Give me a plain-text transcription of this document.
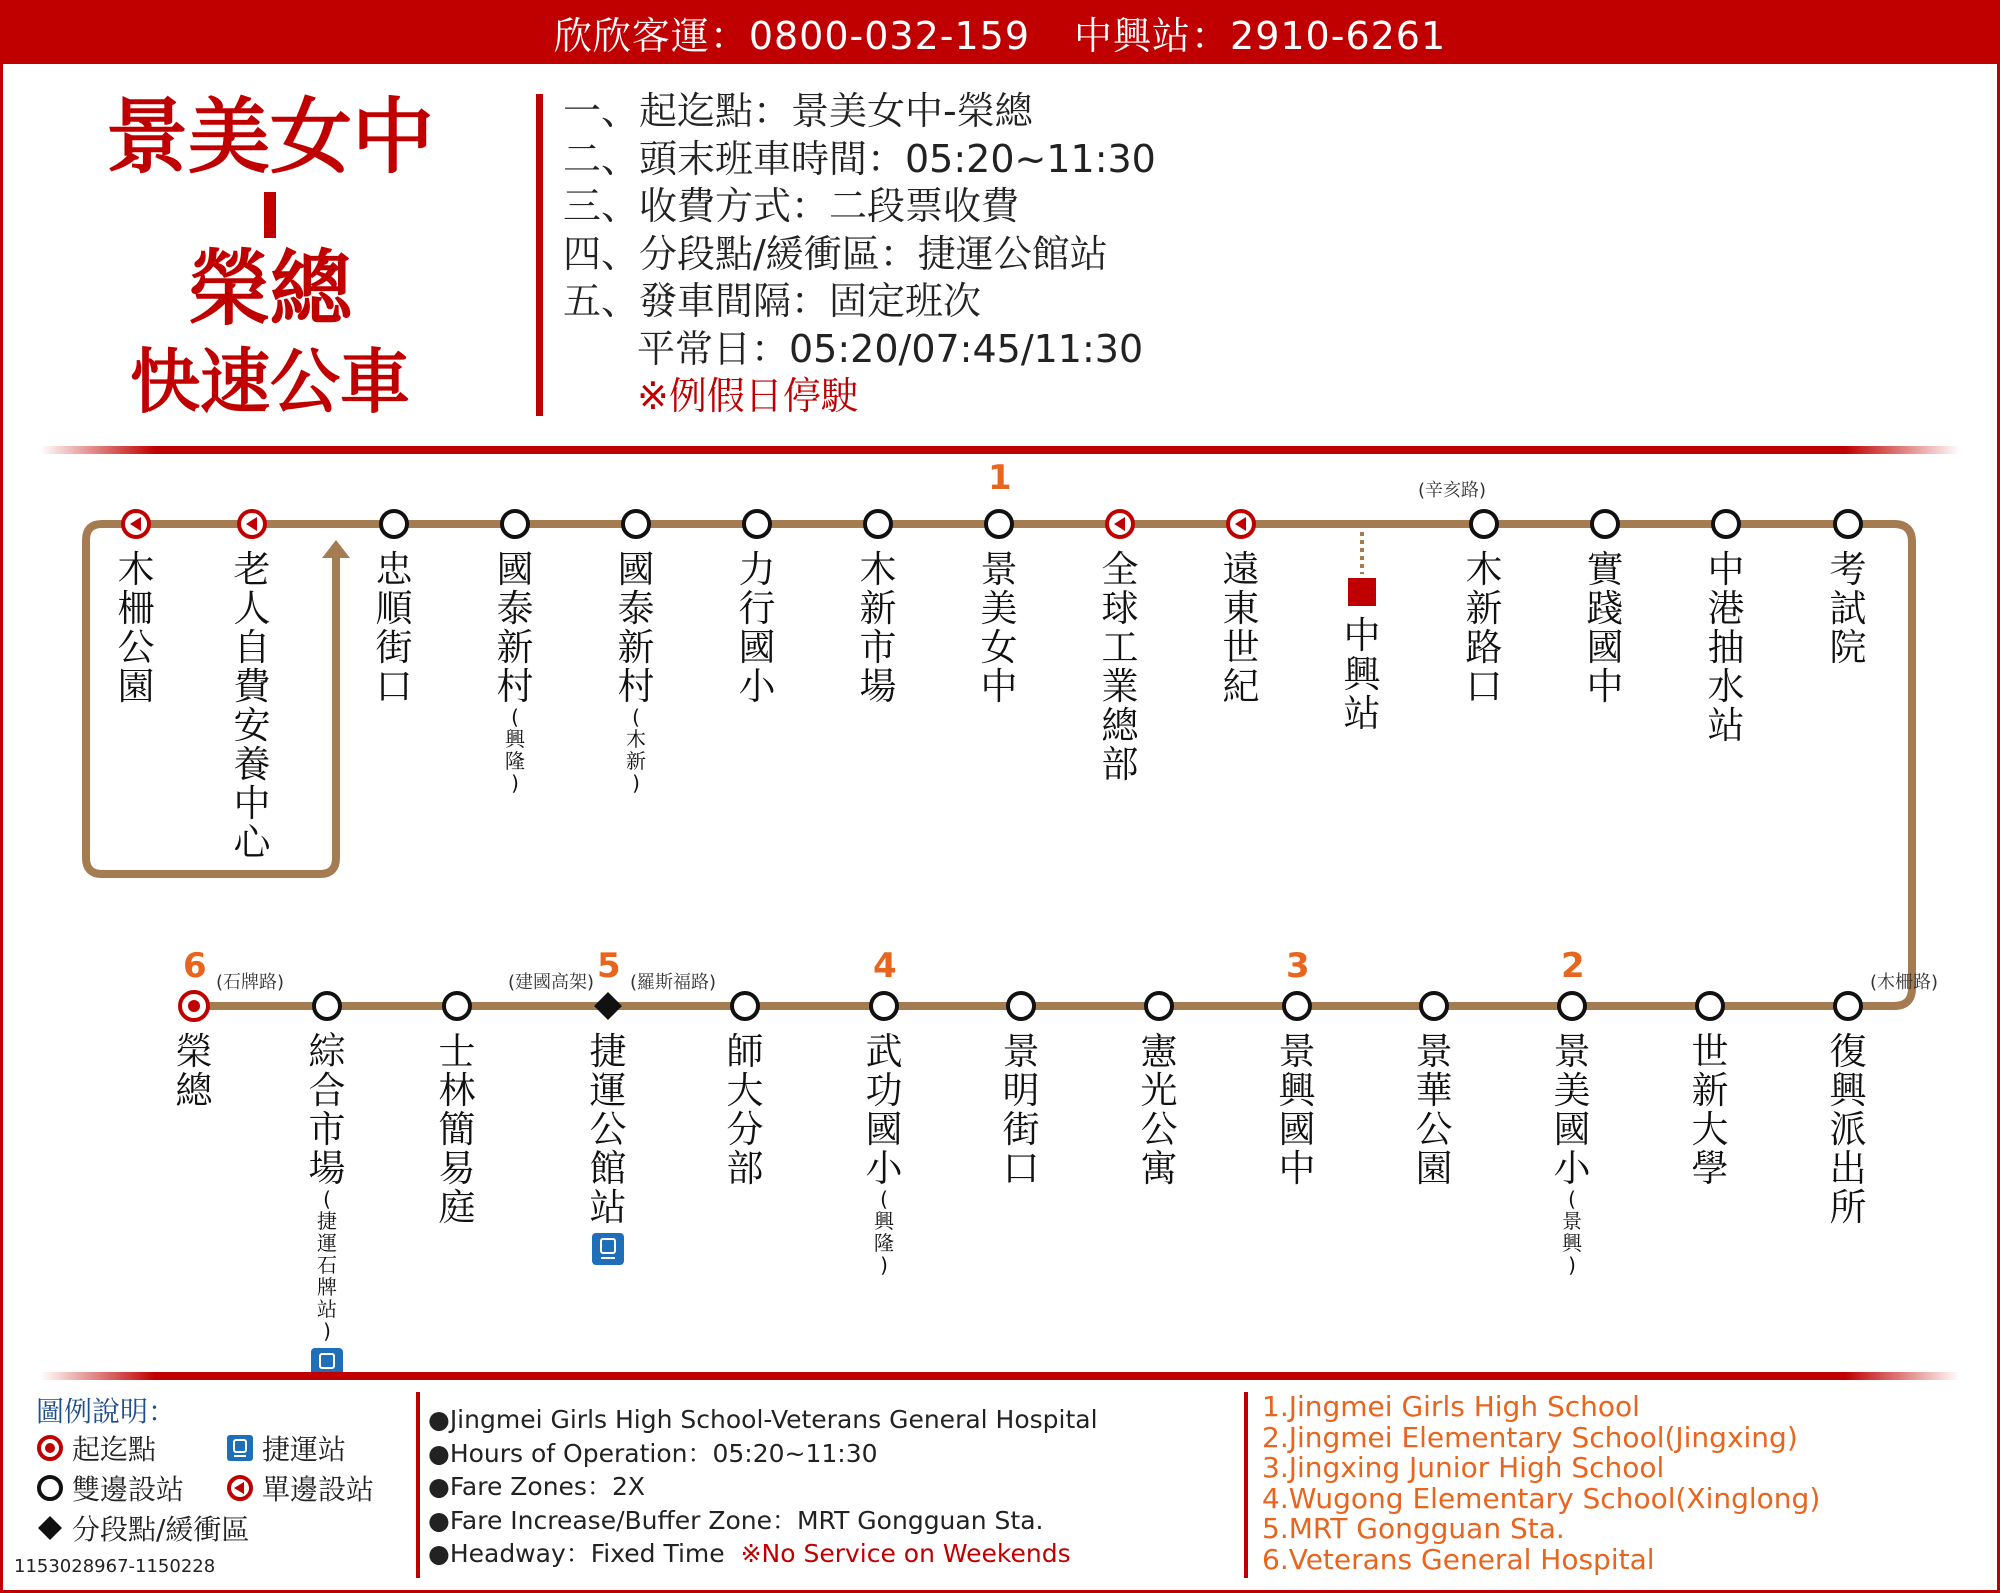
欣欣客運：0800-032-159 中興站：2910-6261
景美女中
榮總
快速公車
一、起迄點：景美女中-榮總
二、頭末班車時間：05:20~11:30
三、收費方式：二段票收費
四、分段點/緩衝區：捷運公館站
五、發車間隔：固定班次
平常日：05:20/07:45/11:30
※例假日停駛
木
柵
公
園
老
人
自
費
安
養
中
心
忠
順
街
口
國
泰
新
村
(
興
隆
)
國
泰
新
村
(
木
新
)
力
行
國
小
木
新
市
場
景
美
女
中
1
全
球
工
業
總
部
遠
東
世
紀
中
興
站
木
新
路
口
(辛亥路)
實
踐
國
中
中
港
抽
水
站
考
試
院
榮
總
6 (石牌路)
綜
合
市
場
(
捷
運
石
牌
站
)
士
林
簡
易
庭
捷
運
公
館
站
5 (羅斯福路)
(建國高架)
師
大
分
部
武
功
國
小
(
興
隆
)
4
景
明
街
口
憲
光
公
寓
景
興
國
中
3
景
華
公
園
景
美
國
小
(
景
興
)
2
世
新
大
學
復
興
派
出
所
(木柵路)
圖例說明：
起迄點	捷運站
雙邊設站	單邊設站
分段點/緩衝區
1153028967-1150228
●Jingmei Girls High School-Veterans General Hospital
●Hours of Operation：05:20~11:30
●Fare Zones：2X
●Fare Increase/Buffer Zone：MRT Gongguan Sta.
●Headway：Fixed Time ※No Service on Weekends
1.Jingmei Girls High School
2.Jingmei Elementary School(Jingxing)
3.Jingxing Junior High School
4.Wugong Elementary School(Xinglong)
5.MRT Gongguan Sta.
6.Veterans General Hospital
